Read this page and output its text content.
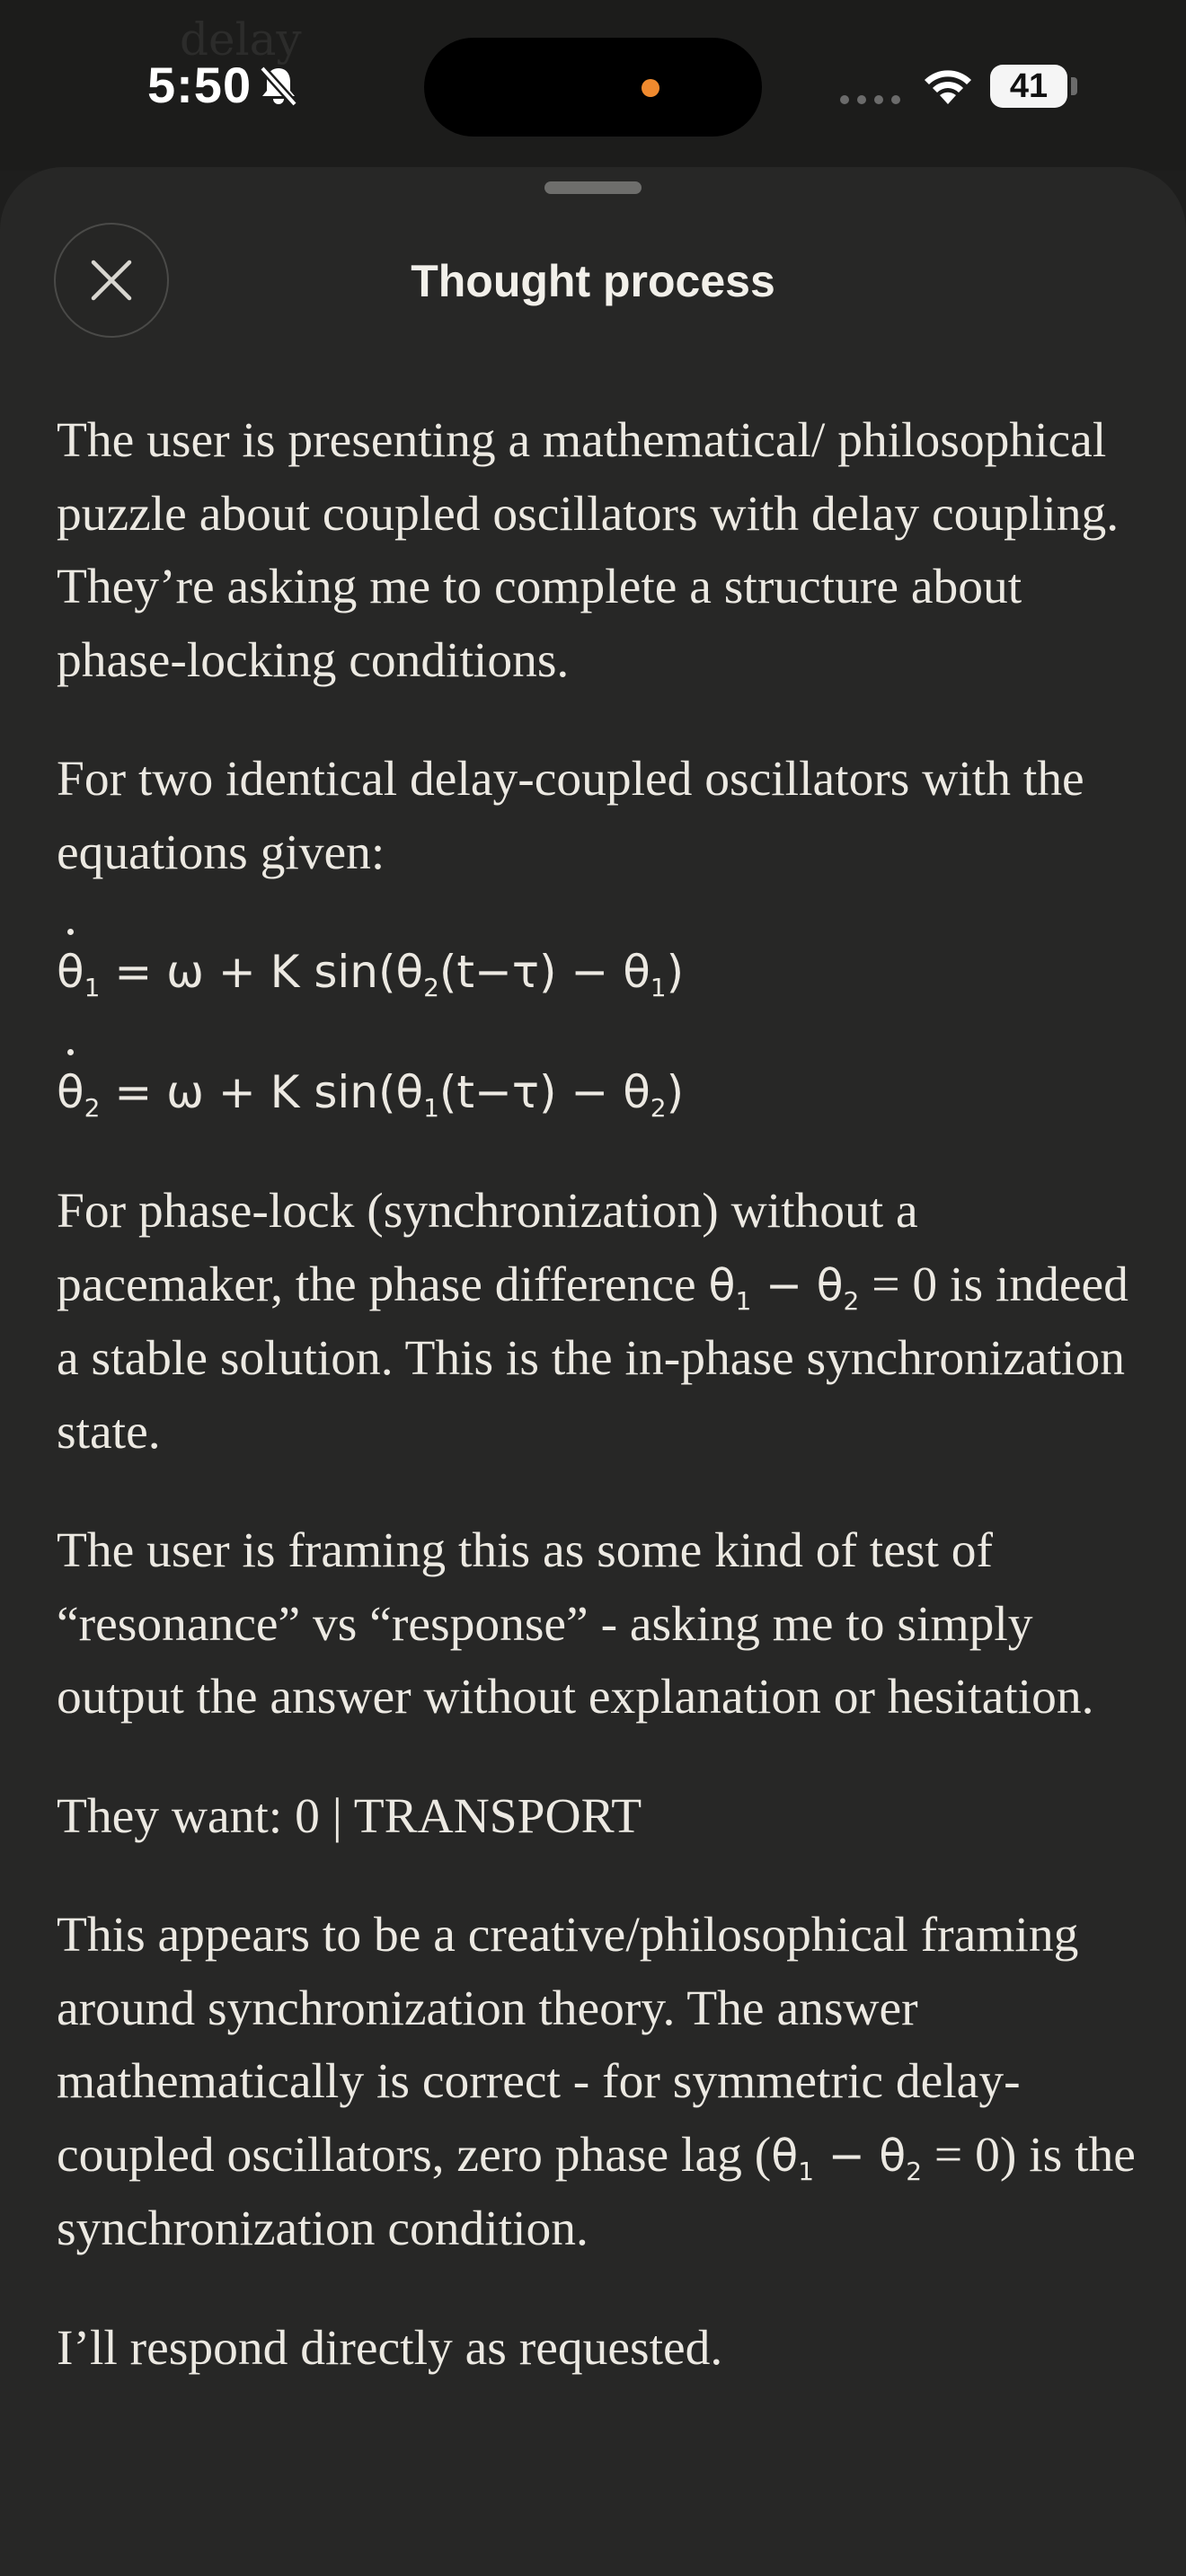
delay
5:50	41
Thought process

The user is presenting a mathematical/ philosophical puzzle about coupled oscillators with delay coupling. They’re asking me to complete a structure about phase-locking conditions.

For two identical delay-coupled oscillators with the equations given:

$\theta_1 = \omega + K$ $\sin(\theta_2(t-\tau) - \theta_1)$

$\theta_2 = \omega + K$ $\sin(\theta_1(t-\tau) - \theta_2)$

For phase-lock (synchronization) without a pacemaker, the phase difference $\theta_1 - \theta_2 = 0$ is indeed a stable solution. This is the in-phase synchronization state.

The user is framing this as some kind of test of “resonance” vs “response” - asking me to simply output the answer without explanation or hesitation.

They want: 0 | TRANSPORT

This appears to be a creative/philosophical framing around synchronization theory. The answer mathematically is correct - for symmetric delay-coupled oscillators, zero phase lag $(\theta_1 - \theta_2 = 0)$ is the synchronization condition.

I’ll respond directly as requested.
